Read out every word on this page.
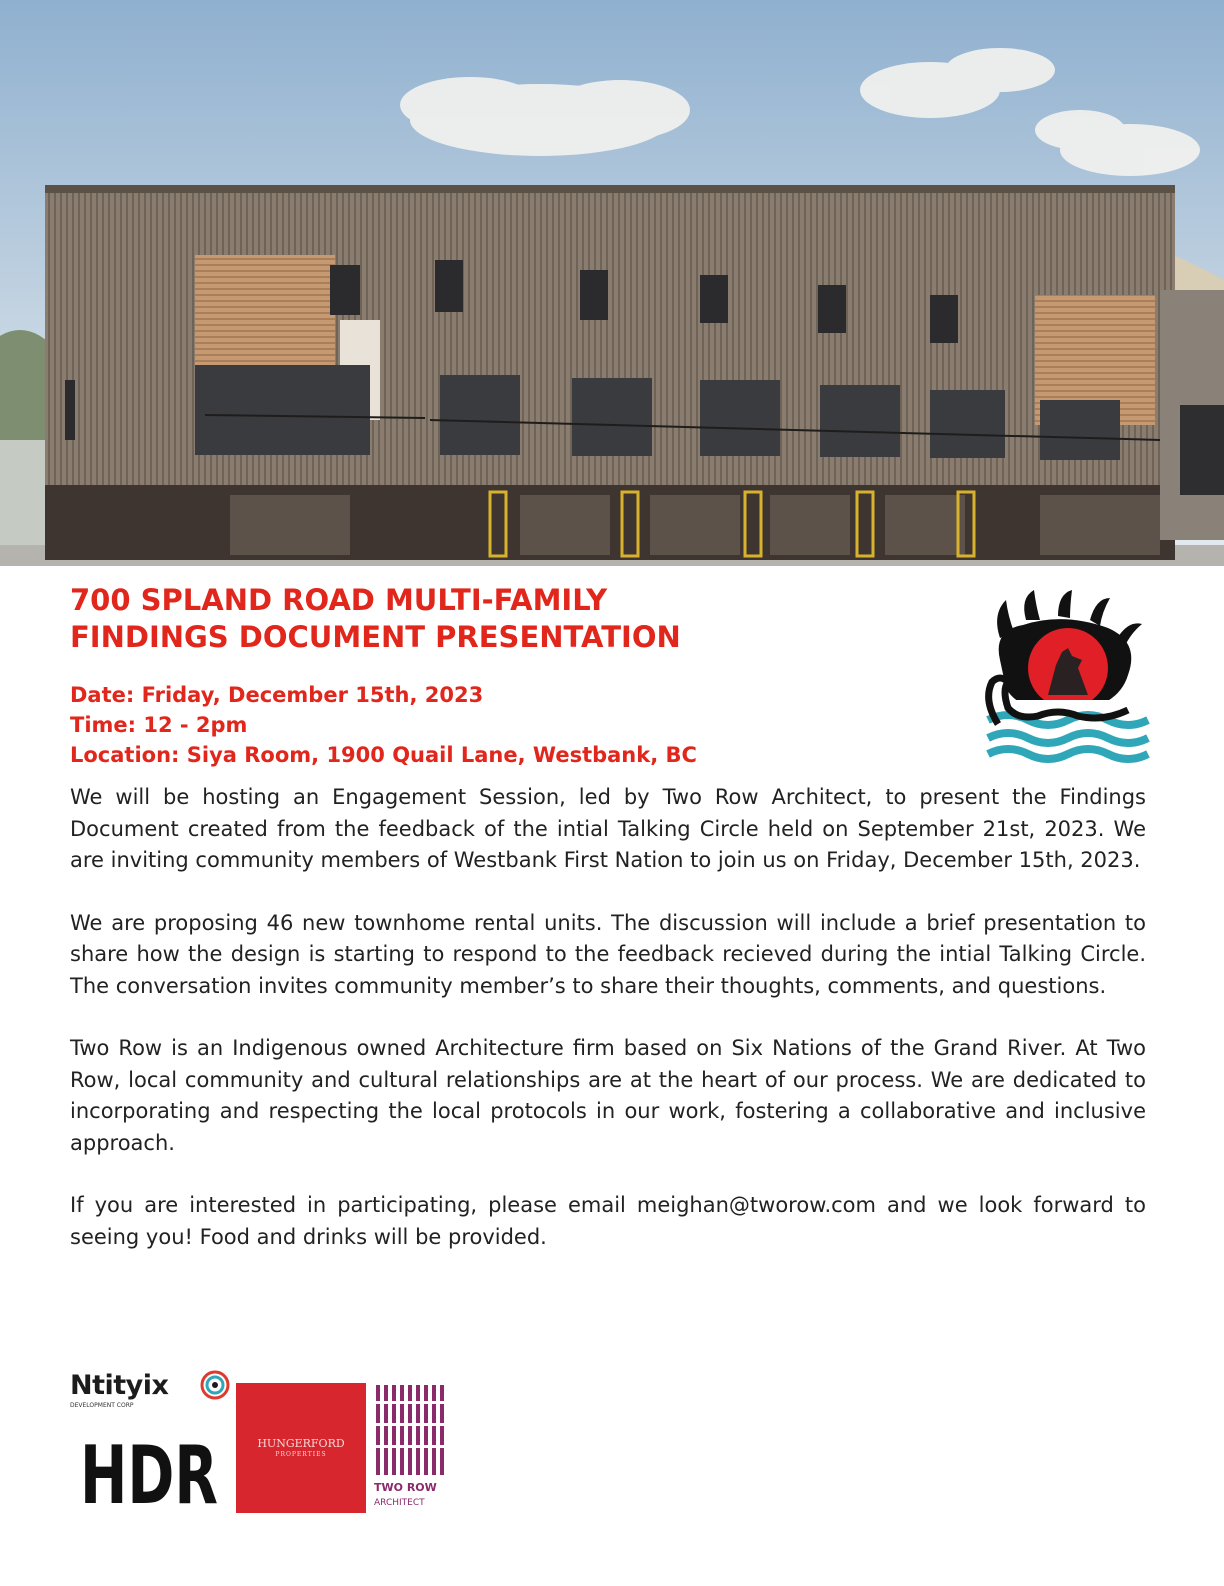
700 SPLAND ROAD MULTI-FAMILY
FINDINGS DOCUMENT PRESENTATION
Date: Friday, December 15th, 2023
Time: 12 - 2pm
Location: Siya Room, 1900 Quail Lane, Westbank, BC

We will be hosting an Engagement Session, led by Two Row Architect, to present the Findings Document created from the feedback of the intial Talking Circle held on September 21st, 2023. We are inviting community members of Westbank First Nation to join us on Friday, December 15th, 2023.

We are proposing 46 new townhome rental units. The discussion will include a brief presentation to share how the design is starting to respond to the feedback recieved during the intial Talking Circle. The conversation invites community member’s to share their thoughts, comments, and questions.

Two Row is an Indigenous owned Architecture firm based on Six Nations of the Grand River. At Two Row, local community and cultural relationships are at the heart of our process. We are dedicated to incorporating and respecting the local protocols in our work, fostering a collaborative and inclusive approach.

If you are interested in participating, please email meighan@tworow.com and we look forward to seeing you! Food and drinks will be provided.

Ntityix
DEVELOPMENT CORP
HDR	HUNGERFORD
PROPERTIES
TWO ROW
ARCHITECT
